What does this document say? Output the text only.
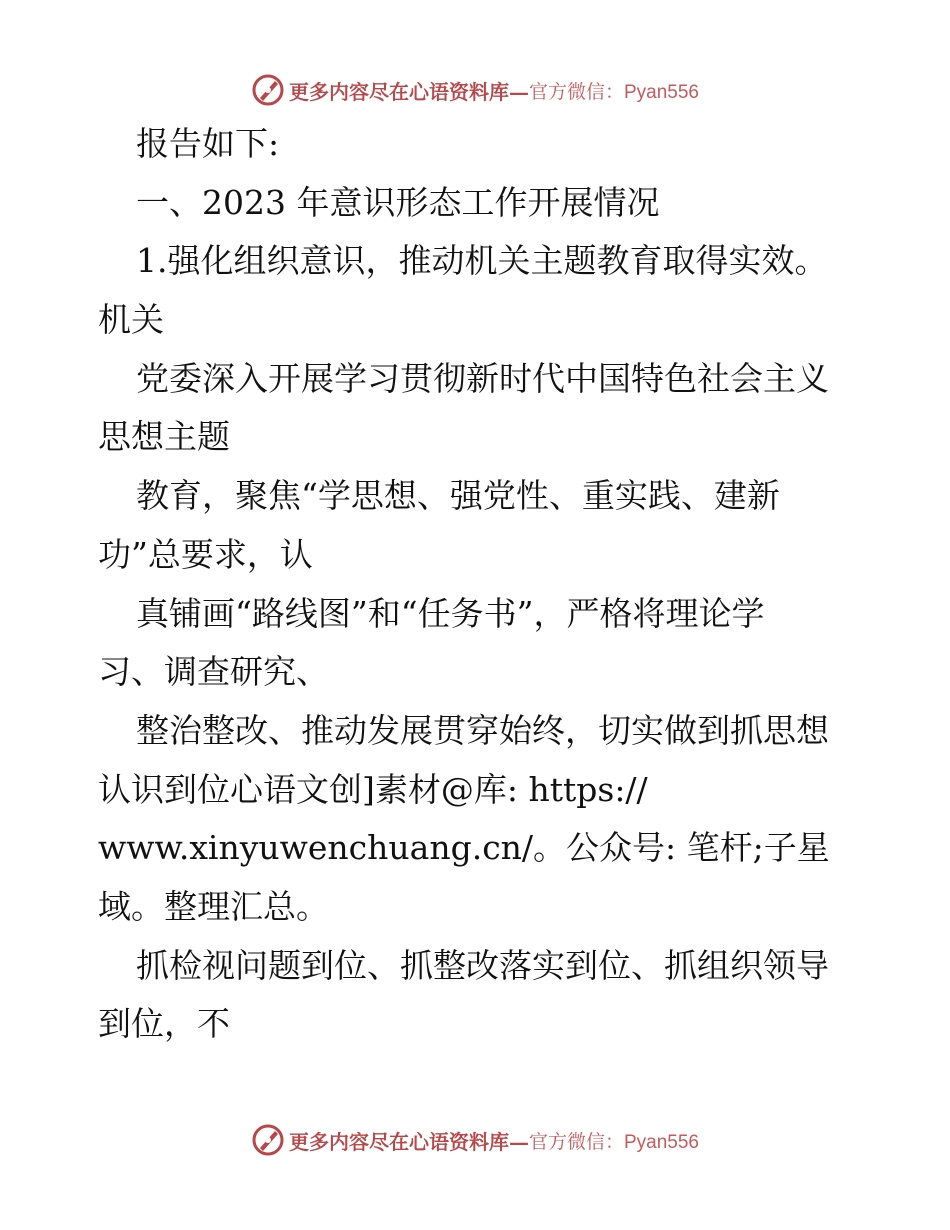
更多内容尽在心语资料库— 官方微信：Pyan556
报告如下:
一、2023 年意识形态工作开展情况
1.强化组织意识，推动机关主题教育取得实效。
机关
党委深入开展学习贯彻新时代中国特色社会主义
思想主题
教育，聚焦“学思想、强党性、重实践、建新
功”总要求，认
真铺画“路线图”和“任务书”，严格将理论学
习、调查研究、
整治整改、推动发展贯穿始终，切实做到抓思想
认识到位心语文创]素材@库: https://
www.xinyuwenchuang.cn/。公众号: 笔杆;子星
域。整理汇总。
抓检视问题到位、抓整改落实到位、抓组织领导
到位，不
更多内容尽在心语资料库— 官方微信：Pyan556
